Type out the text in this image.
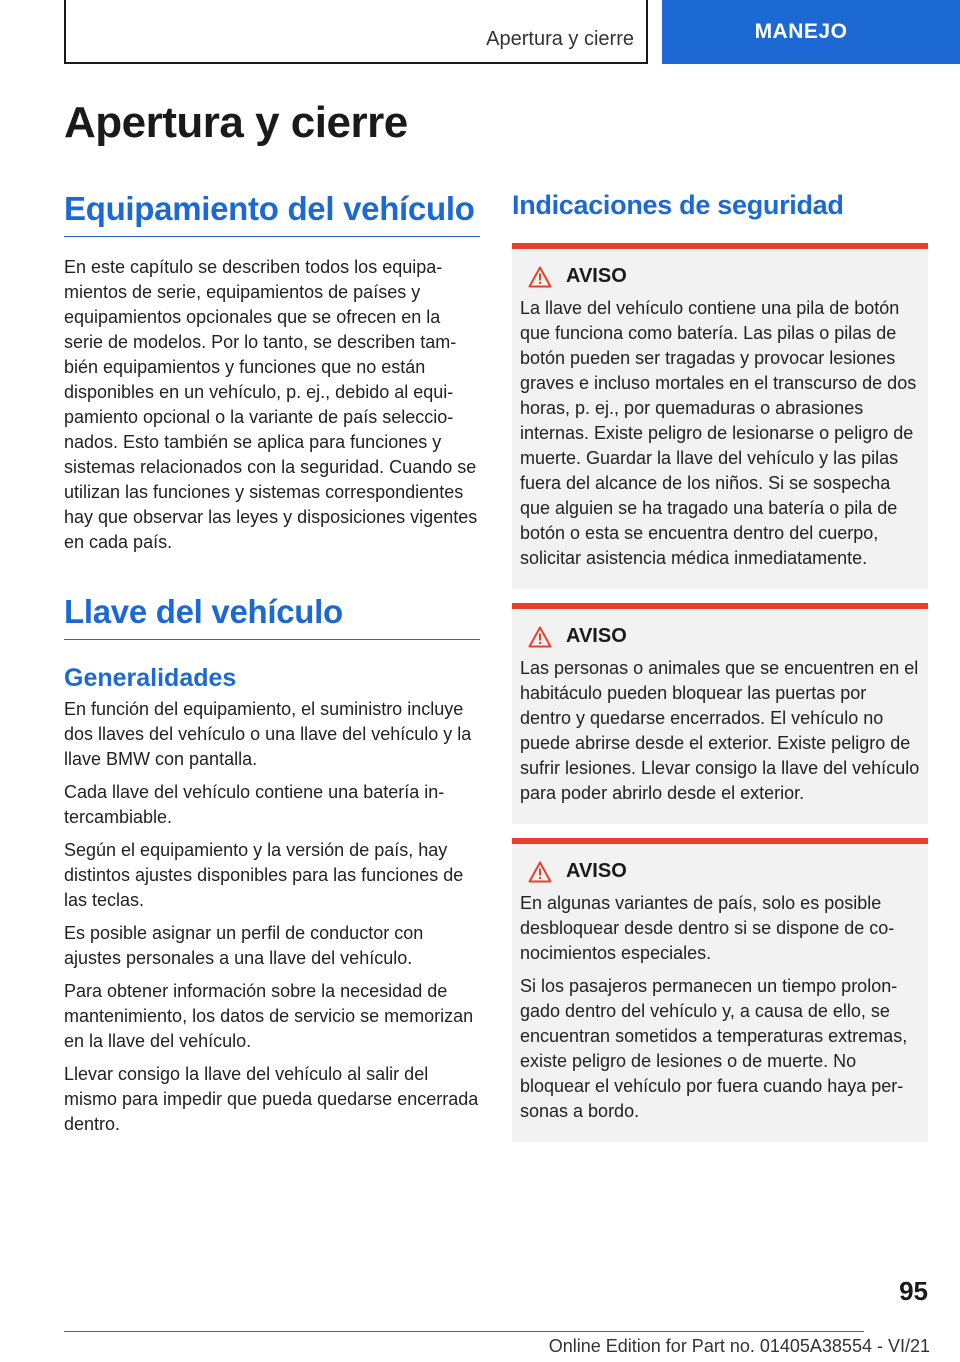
Apertura y cierre	MANEJO
Apertura y cierre
Equipamiento del vehículo

En este capítulo se describen todos los equipamientos de serie, equipamientos de países y equipamientos opcionales que se ofrecen en la serie de modelos. Por lo tanto, se describen también equipamientos y funciones que no están disponibles en un vehículo, p. ej., debido al equipamiento opcional o la variante de país seleccionados. Esto también se aplica para funciones y sistemas relacionados con la seguridad. Cuando se utilizan las funciones y sistemas correspondientes hay que observar las leyes y disposiciones vigentes en cada país.

Llave del vehículo
Generalidades

En función del equipamiento, el suministro incluye dos llaves del vehículo o una llave del vehículo y la llave BMW con pantalla.

Cada llave del vehículo contiene una batería intercambiable.

Según el equipamiento y la versión de país, hay distintos ajustes disponibles para las funciones de las teclas.

Es posible asignar un perfil de conductor con ajustes personales a una llave del vehículo.

Para obtener información sobre la necesidad de mantenimiento, los datos de servicio se memorizan en la llave del vehículo.

Llevar consigo la llave del vehículo al salir del mismo para impedir que pueda quedarse encerrada dentro.

Indicaciones de seguridad
AVISO

La llave del vehículo contiene una pila de botón que funciona como batería. Las pilas o pilas de botón pueden ser tragadas y provocar lesiones graves e incluso mortales en el transcurso de dos horas, p. ej., por quemaduras o abrasiones internas. Existe peligro de lesionarse o peligro de muerte. Guardar la llave del vehículo y las pilas fuera del alcance de los niños. Si se sospecha que alguien se ha tragado una batería o pila de botón o esta se encuentra dentro del cuerpo, solicitar asistencia médica inmediatamente.

AVISO

Las personas o animales que se encuentren en el habitáculo pueden bloquear las puertas por dentro y quedarse encerrados. El vehículo no puede abrirse desde el exterior. Existe peligro de sufrir lesiones. Llevar consigo la llave del vehículo para poder abrirlo desde el exterior.

AVISO

En algunas variantes de país, solo es posible desbloquear desde dentro si se dispone de conocimientos especiales.

Si los pasajeros permanecen un tiempo prolongado dentro del vehículo y, a causa de ello, se encuentran sometidos a temperaturas extremas, existe peligro de lesiones o de muerte. No bloquear el vehículo por fuera cuando haya personas a bordo.

95
Online Edition for Part no. 01405A38554 - VI/21
